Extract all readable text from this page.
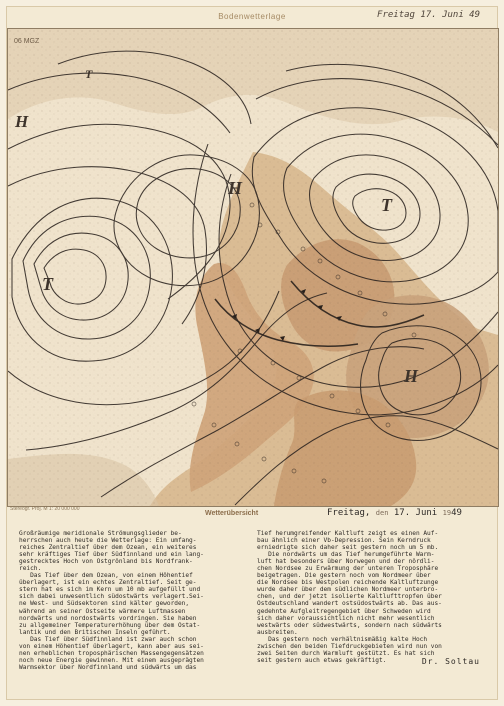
Bodenwetterlage	Freitag 17. Juni 49
H
H
H
T
T
T
06 MGZ
Stereogr. Proj. M 1: 20 000 000
Wetterübersicht	Freitag, den 17. Juni 1949
Großräumige meridionale Strömungsglieder be-
herrschen auch heute die Wetterlage: Ein umfang-
reiches Zentraltief über dem Ozean, ein weiteres
sehr kräftiges Tief über Südfinnland und ein lang-
gestrecktes Hoch von Ostgrönland bis Nordfrank-
reich.
Das Tief über dem Ozean, von einem Höhentief
überlagert, ist ein echtes Zentraltief. Seit ge-
stern hat es sich im Kern um 10 mb aufgefüllt und
sich dabei unwesentlich südostwärts verlagert.Sei-
ne West- und Südsektoren sind kälter geworden,
während an seiner Ostseite wärmere Luftmassen
nordwärts und nordostwärts vordringen. Sie haben
zu allgemeiner Temperaturerhöhung über dem Ostat-
lantik und den Britischen Inseln geführt.
Das Tief über Südfinnland ist zwar auch schon
von einem Höhentief überlagert, kann aber aus sei-
nen erheblichen troposphärischen Massengegensätzen
noch neue Energie gewinnen. Mit einem ausgeprägten
Warmsektor über Nordfinnland und südwärts um das
Tief herumgreifender Kaltluft zeigt es einen Auf-
bau ähnlich einer Vb-Depression. Sein Kerndruck
erniedrigte sich daher seit gestern noch um 5 mb.
Die nordwärts um das Tief herumgeführte Warm-
luft hat besonders über Norwegen und der nördli-
chen Nordsee zu Erwärmung der unteren Troposphäre
beigetragen. Die gestern noch vom Nordmeer über
die Nordsee bis Westpolen reichende Kaltluftzunge
wurde daher über dem südlichen Nordmeer unterbro-
chen, und der jetzt isolierte Kaltlufttropfen über
Ostdeutschland wandert ostsüdostwärts ab. Das aus-
gedehnte Aufgleitregengebiet über Schweden wird
sich daher voraussichtlich nicht mehr wesentlich
westwärts oder südwestwärts, sondern nach südwärts
ausbreiten.
Das gestern noch verhältnismäßig kalte Hoch
zwischen den beiden Tiefdruckgebieten wird nun von
zwei Seiten durch Warmluft gestützt. Es hat sich
seit gestern auch etwas gekräftigt.	Dr. Soltau
